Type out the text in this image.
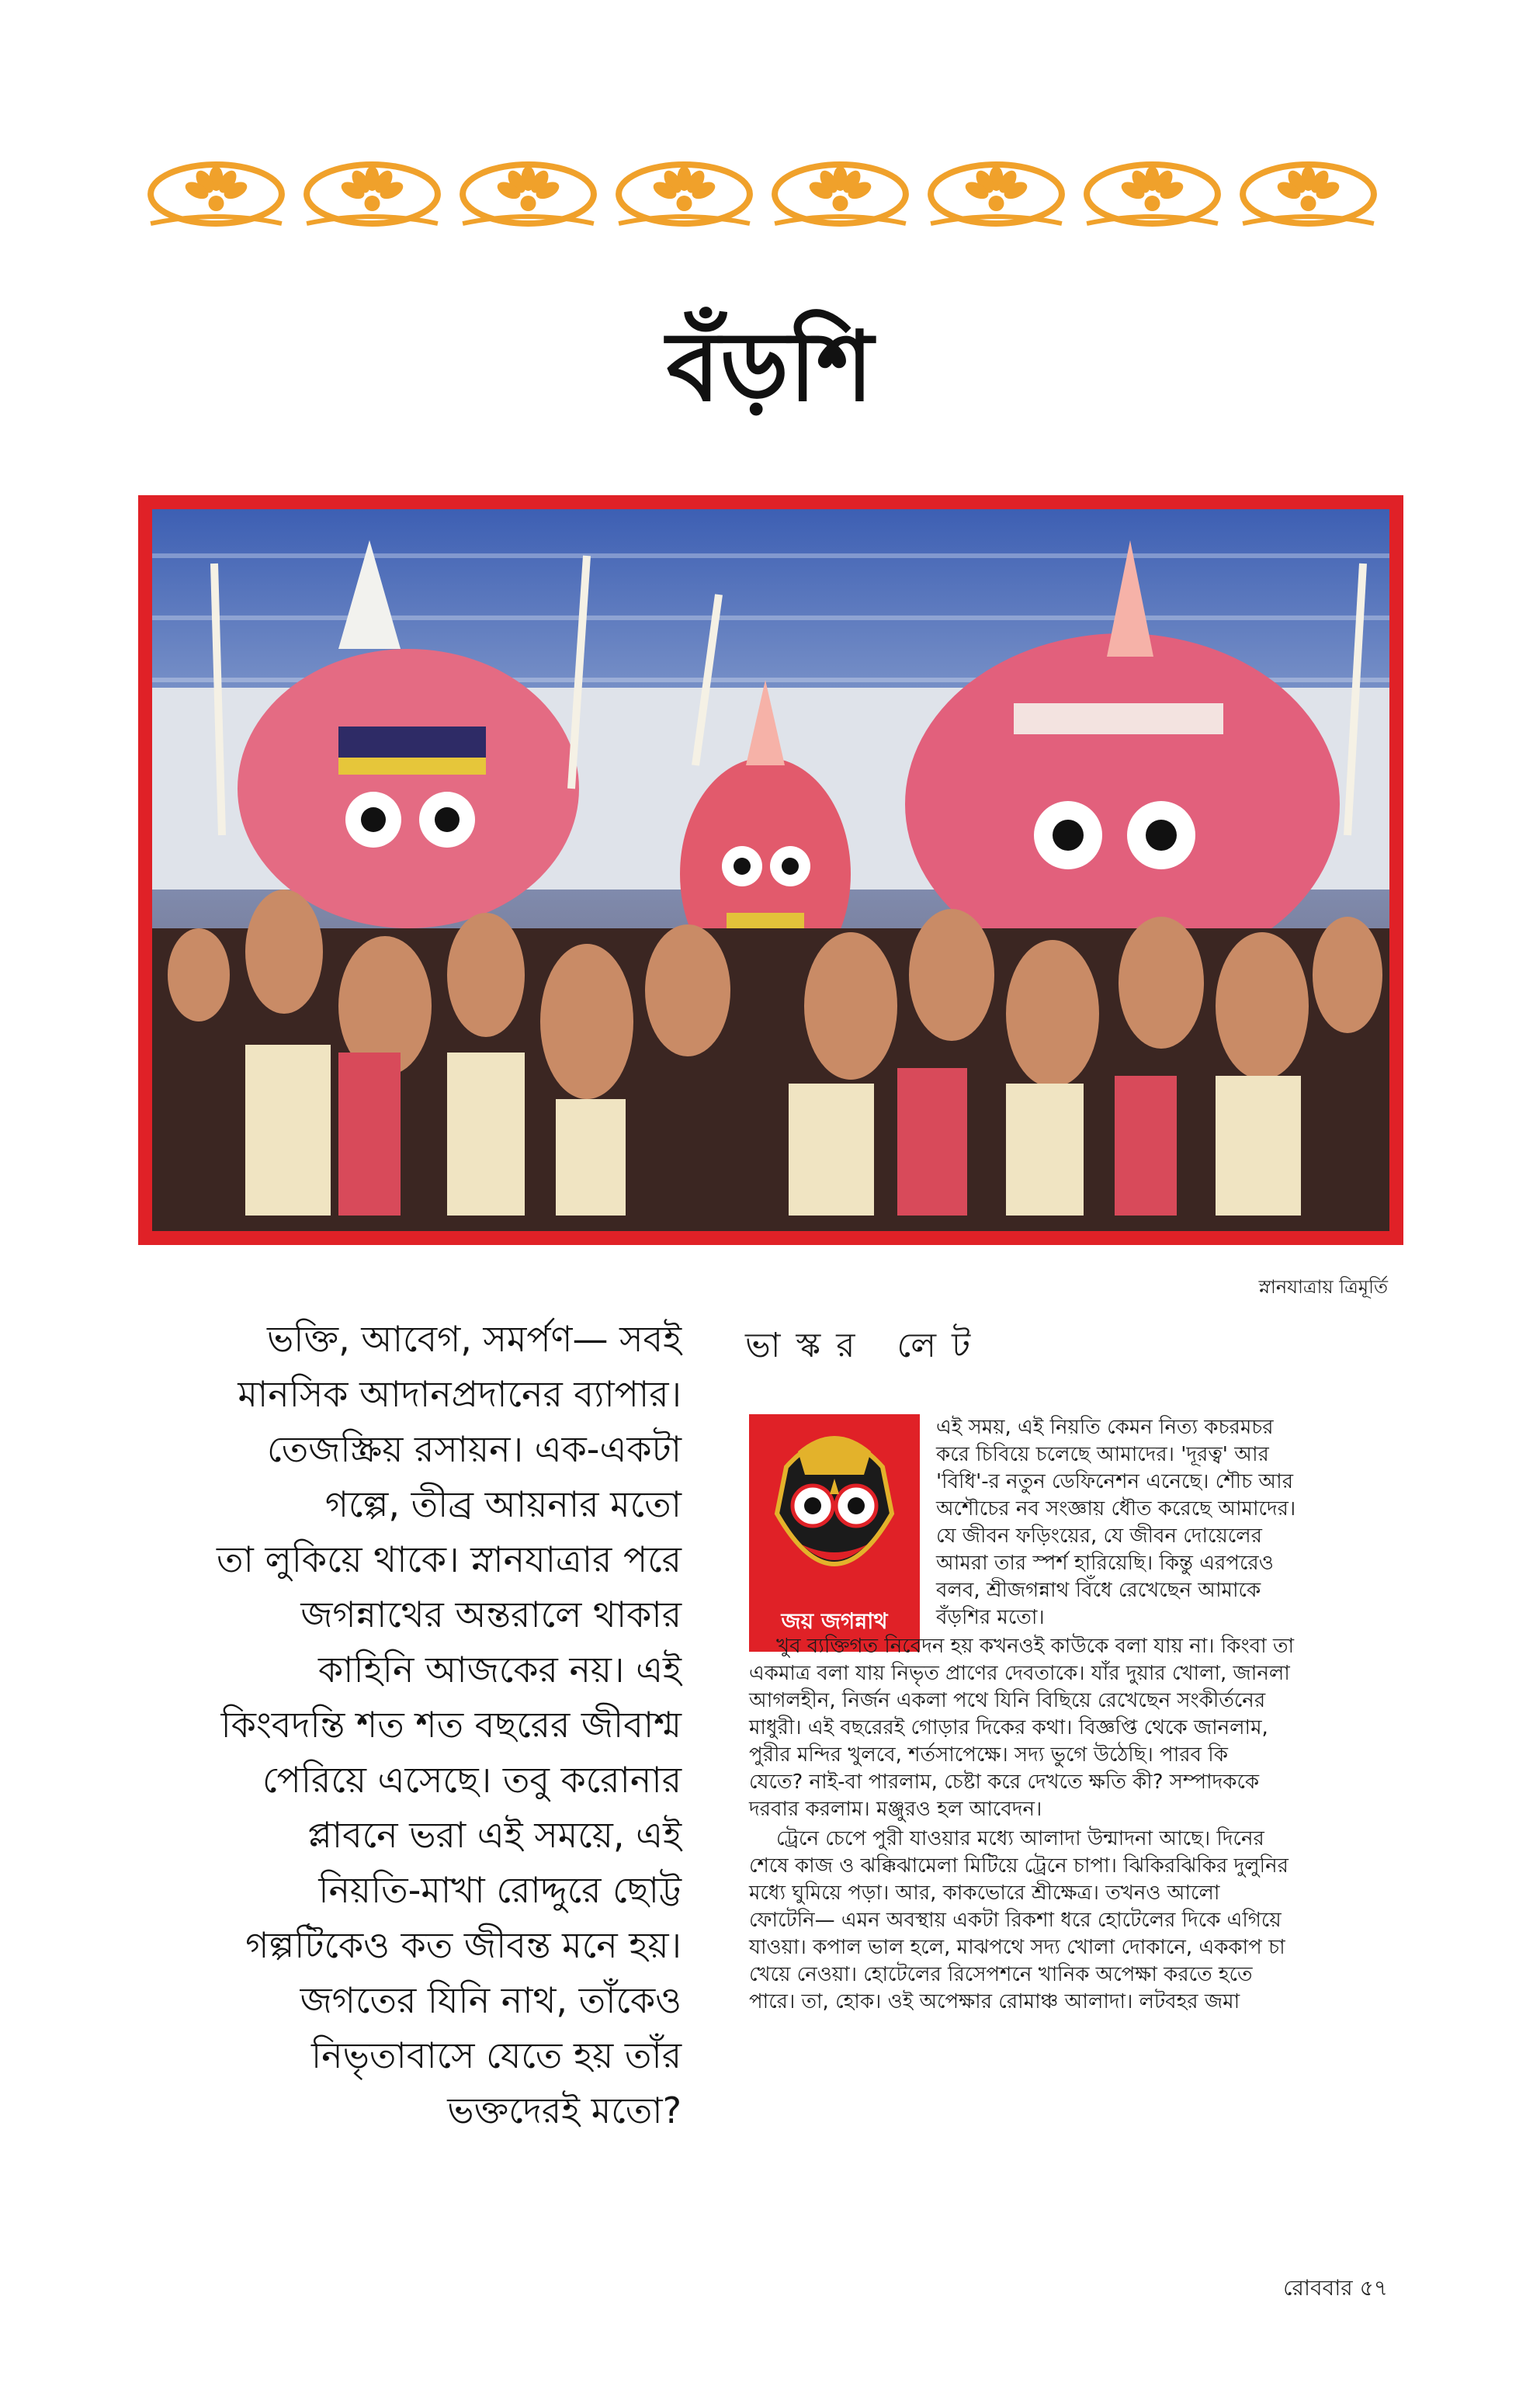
বঁড়শি
স্নানযাত্রায় ত্রিমূর্তি
ভক্তি, আবেগ, সমর্পণ— সবই
মানসিক আদানপ্রদানের ব্যাপার।
তেজস্ক্রিয় রসায়ন। এক-একটা
গল্পে, তীব্র আয়নার মতো
তা লুকিয়ে থাকে। স্নানযাত্রার পরে
জগন্নাথের অন্তরালে থাকার
কাহিনি আজকের নয়। এই
কিংবদন্তি শত শত বছরের জীবাশ্ম
পেরিয়ে এসেছে। তবু করোনার
প্লাবনে ভরা এই সময়ে, এই
নিয়তি-মাখা রোদ্দুরে ছোট্ট
গল্পটিকেও কত জীবন্ত মনে হয়।
জগতের যিনি নাথ, তাঁকেও
নিভৃতাবাসে যেতে হয় তাঁর
ভক্তদেরই মতো?
ভাস্কর লেট
জয় জগন্নাথ
এই সময়, এই নিয়তি কেমন নিত্য কচরমচর
করে চিবিয়ে চলেছে আমাদের। 'দূরত্ব' আর
'বিধি'-র নতুন ডেফিনেশন এনেছে। শৌচ আর
অশৌচের নব সংজ্ঞায় ধৌত করেছে আমাদের।
যে জীবন ফড়িংয়ের, যে জীবন দোয়েলের
আমরা তার স্পর্শ হারিয়েছি। কিন্তু এরপরেও
বলব, শ্রীজগন্নাথ বিঁধে রেখেছেন আমাকে
বঁড়শির মতো।
খুব ব্যক্তিগত নিবেদন হয় কখনওই কাউকে বলা যায় না। কিংবা তা
একমাত্র বলা যায় নিভৃত প্রাণের দেবতাকে। যাঁর দুয়ার খোলা, জানলা
আগলহীন, নির্জন একলা পথে যিনি বিছিয়ে রেখেছেন সংকীর্তনের
মাধুরী। এই বছরেরই গোড়ার দিকের কথা। বিজ্ঞপ্তি থেকে জানলাম,
পুরীর মন্দির খুলবে, শর্তসাপেক্ষে। সদ্য ভুগে উঠেছি। পারব কি
যেতে? নাই-বা পারলাম, চেষ্টা করে দেখতে ক্ষতি কী? সম্পাদককে
দরবার করলাম। মঞ্জুরও হল আবেদন।
ট্রেনে চেপে পুরী যাওয়ার মধ্যে আলাদা উন্মাদনা আছে। দিনের
শেষে কাজ ও ঝক্কিঝামেলা মিটিয়ে ট্রেনে চাপা। ঝিকিরঝিকির দুলুনির
মধ্যে ঘুমিয়ে পড়া। আর, কাকভোরে শ্রীক্ষেত্র। তখনও আলো
ফোটেনি— এমন অবস্থায় একটা রিকশা ধরে হোটেলের দিকে এগিয়ে
যাওয়া। কপাল ভাল হলে, মাঝপথে সদ্য খোলা দোকানে, এককাপ চা
খেয়ে নেওয়া। হোটেলের রিসেপশনে খানিক অপেক্ষা করতে হতে
পারে। তা, হোক। ওই অপেক্ষার রোমাঞ্চ আলাদা। লটবহর জমা
রোববার ৫৭
